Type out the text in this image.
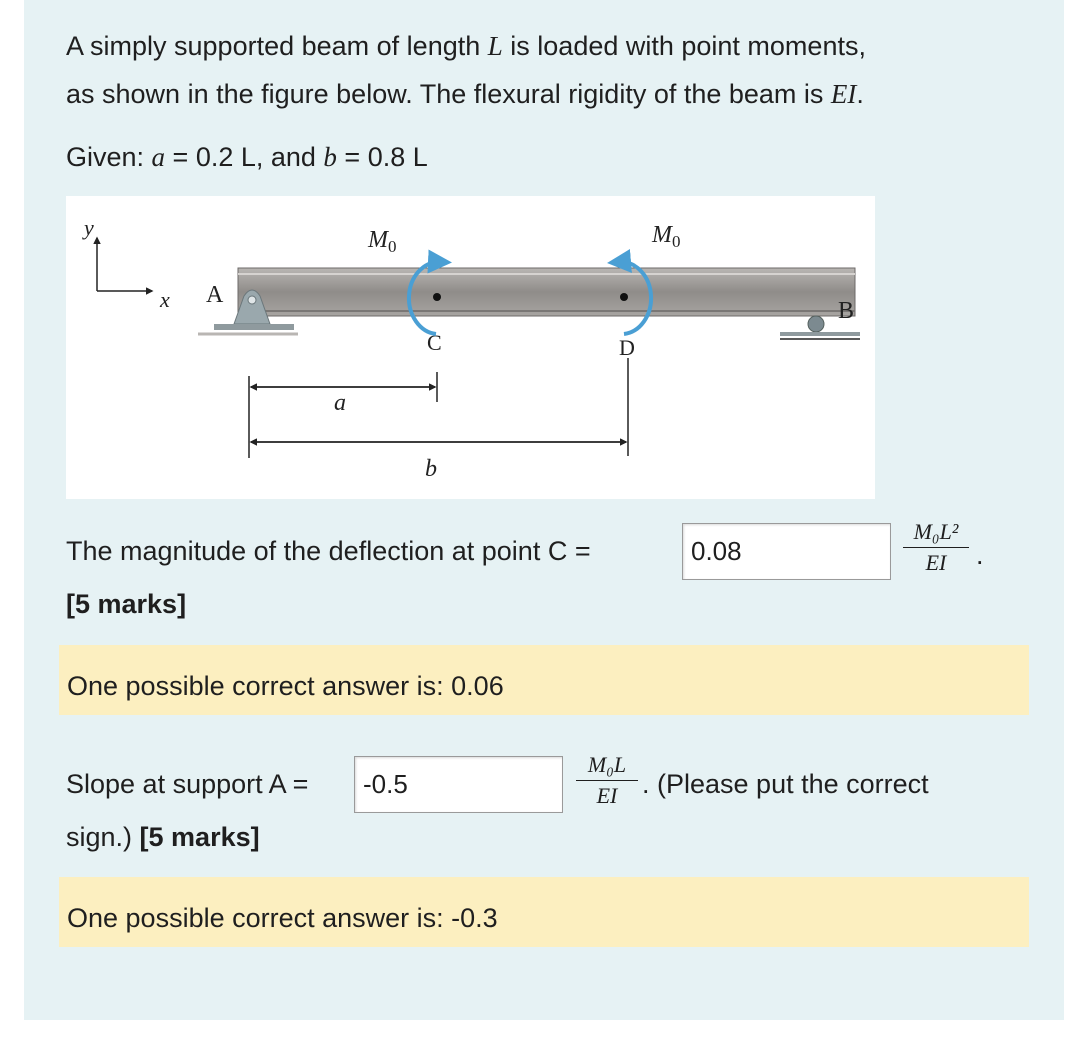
A simply supported beam of length L is loaded with point moments,
as shown in the figure below. The flexural rigidity of the beam is EI.
Given: a = 0.2 L, and b = 0.8 L
y
x A
B
C	D
$M_0$	$M_0$
a
b
The magnitude of the deflection at point C =	0.08
M₀L²
EI	.
[5 marks]
One possible correct answer is: 0.06
Slope at support A =	-0.5
M₀L
EI . (Please put the correct
sign.) [5 marks]
One possible correct answer is: -0.3
